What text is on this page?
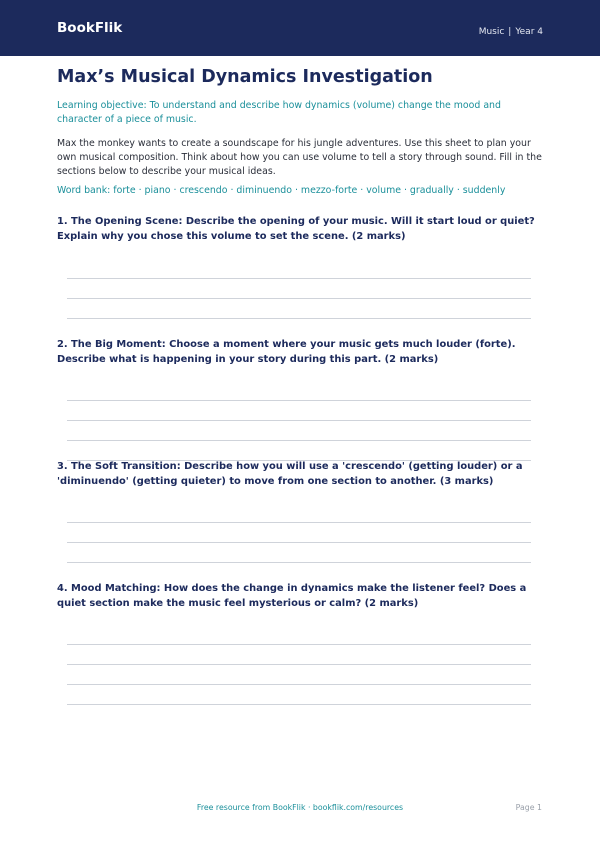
BookFlik	Music | Year 4
Max’s Musical Dynamics Investigation
Learning objective: To understand and describe how dynamics (volume) change the mood and character of a piece of music.
Max the monkey wants to create a soundscape for his jungle adventures. Use this sheet to plan your own musical composition. Think about how you can use volume to tell a story through sound. Fill in the sections below to describe your musical ideas.
Word bank: forte · piano · crescendo · diminuendo · mezzo-forte · volume · gradually · suddenly
1. The Opening Scene: Describe the opening of your music. Will it start loud or quiet? Explain why you chose this volume to set the scene. (2 marks)
2. The Big Moment: Choose a moment where your music gets much louder (forte). Describe what is happening in your story during this part. (2 marks)
3. The Soft Transition: Describe how you will use a 'crescendo' (getting louder) or a 'diminuendo' (getting quieter) to move from one section to another. (3 marks)
4. Mood Matching: How does the change in dynamics make the listener feel? Does a quiet section make the music feel mysterious or calm? (2 marks)
Free resource from BookFlik · bookflik.com/resources	Page 1
